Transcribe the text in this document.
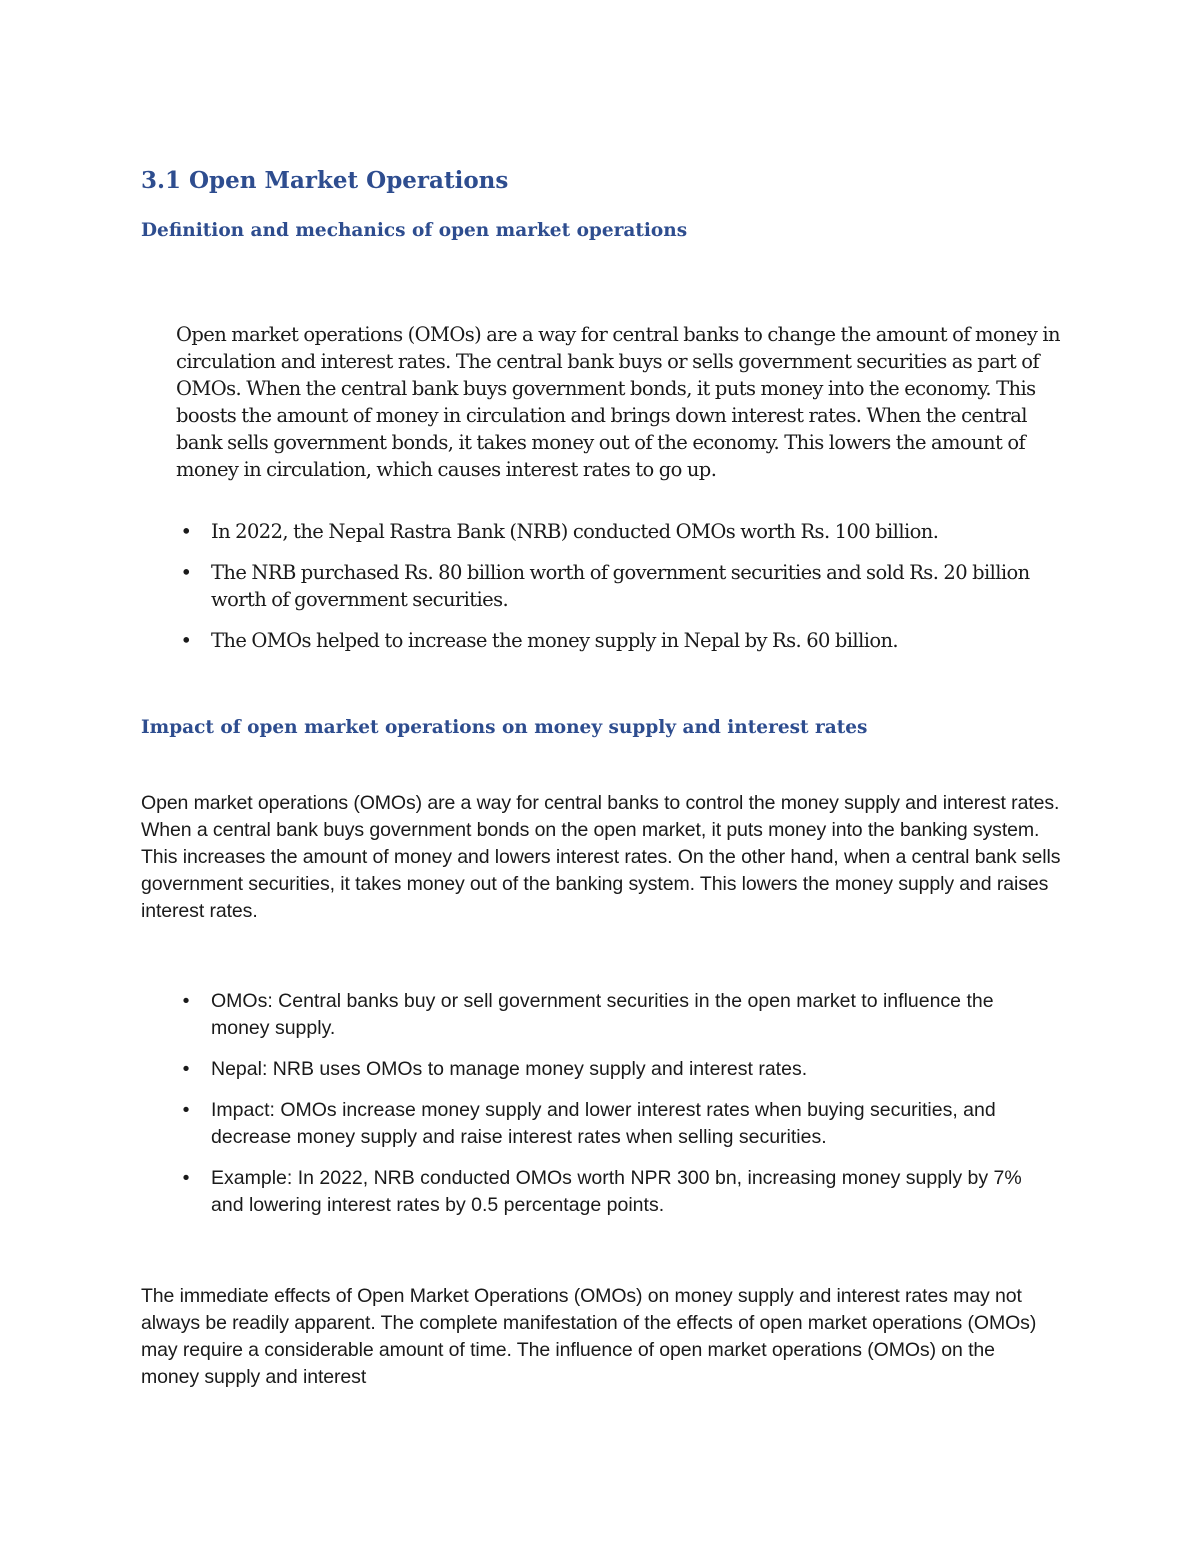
3.1 Open Market Operations
Definition and mechanics of open market operations

Open market operations (OMOs) are a way for central banks to change the amount of money in circulation and interest rates. The central bank buys or sells government securities as part of OMOs. When the central bank buys government bonds, it puts money into the economy. This boosts the amount of money in circulation and brings down interest rates. When the central bank sells government bonds, it takes money out of the economy. This lowers the amount of money in circulation, which causes interest rates to go up.

• In 2022, the Nepal Rastra Bank (NRB) conducted OMOs worth Rs. 100 billion.
• The NRB purchased Rs. 80 billion worth of government securities and sold Rs. 20 billion worth of government securities.
• The OMOs helped to increase the money supply in Nepal by Rs. 60 billion.
Impact of open market operations on money supply and interest rates

Open market operations (OMOs) are a way for central banks to control the money supply and interest rates. When a central bank buys government bonds on the open market, it puts money into the banking system. This increases the amount of money and lowers interest rates. On the other hand, when a central bank sells government securities, it takes money out of the banking system. This lowers the money supply and raises interest rates.

•	OMOs: Central banks buy or sell government securities in the open market to influence the money supply.
•	Nepal: NRB uses OMOs to manage money supply and interest rates.
•	Impact: OMOs increase money supply and lower interest rates when buying securities, and decrease money supply and raise interest rates when selling securities.
•	Example: In 2022, NRB conducted OMOs worth NPR 300 bn, increasing money supply by 7% and lowering interest rates by 0.5 percentage points.

The immediate effects of Open Market Operations (OMOs) on money supply and interest rates may not always be readily apparent. The complete manifestation of the effects of open market operations (OMOs) may require a considerable amount of time. The influence of open market operations (OMOs) on the money supply and interest
